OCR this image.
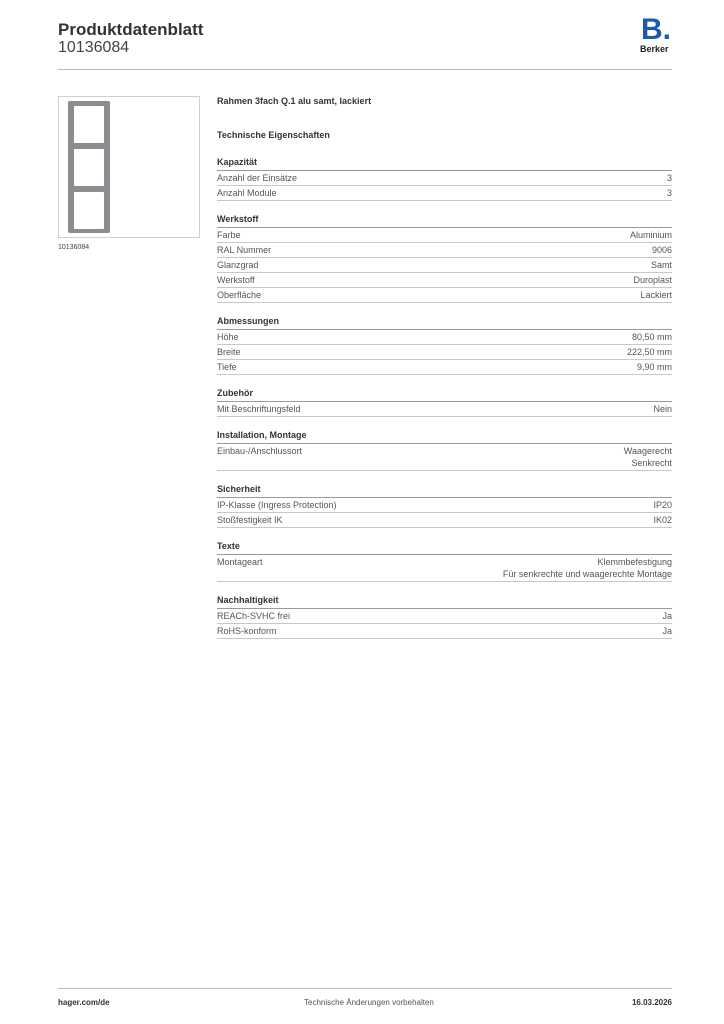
Produktdatenblatt
10136084
B.
Berker
10136084
Rahmen 3fach Q.1 alu samt, lackiert
Technische Eigenschaften
Kapazität
Anzahl der Einsätze	3
Anzahl Module	3
Werkstoff
Farbe	Aluminium
RAL Nummer	9006
Glanzgrad	Samt
Werkstoff	Duroplast
Oberfläche	Lackiert
Abmessungen
Höhe	80,50 mm
Breite	222,50 mm
Tiefe	9,90 mm
Zubehör
Mit Beschriftungsfeld	Nein
Installation, Montage
Einbau-/Anschlussort	Waagerecht
Senkrecht
Sicherheit
IP-Klasse (Ingress Protection)	IP20
Stoßfestigkeit IK	IK02
Texte
Montageart	Klemmbefestigung
Für senkrechte und waagerechte Montage
Nachhaltigkeit
REACh-SVHC frei	Ja
RoHS-konform	Ja
hager.com/de	Technische Änderungen vorbehalten	16.03.2026
